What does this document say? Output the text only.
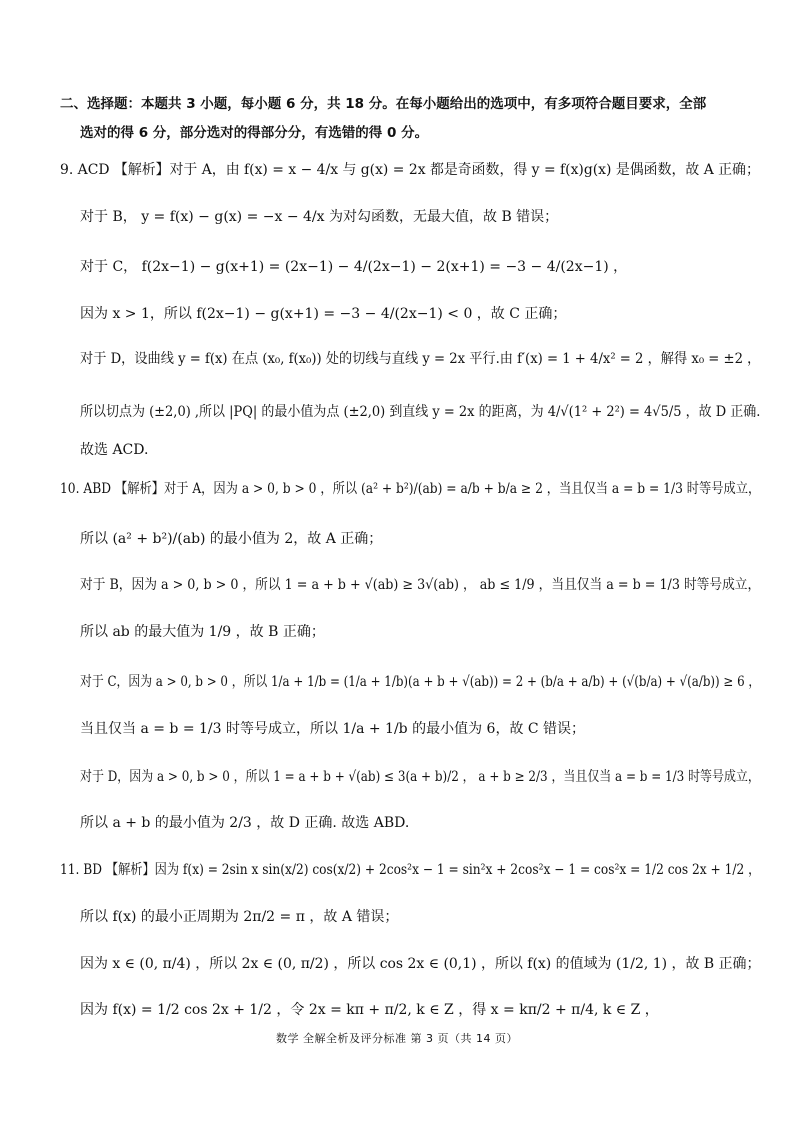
二、选择题：本题共 3 小题，每小题 6 分，共 18 分。在每小题给出的选项中，有多项符合题目要求，全部
选对的得 6 分，部分选对的得部分分，有选错的得 0 分。
9. ACD 【解析】对于 A，由 f(x) = x − 4/x 与 g(x) = 2x 都是奇函数，得 y = f(x)g(x) 是偶函数，故 A 正确；
对于 B， y = f(x) − g(x) = −x − 4/x 为对勾函数，无最大值，故 B 错误；
对于 C， f(2x−1) − g(x+1) = (2x−1) − 4/(2x−1) − 2(x+1) = −3 − 4/(2x−1) ，
因为 x > 1，所以 f(2x−1) − g(x+1) = −3 − 4/(2x−1) < 0 ，故 C 正确；
对于 D，设曲线 y = f(x) 在点 (x₀, f(x₀)) 处的切线与直线 y = 2x 平行.由 f′(x) = 1 + 4/x² = 2 ，解得 x₀ = ±2 ，
所以切点为 (±2,0) ,所以 |PQ| 的最小值为点 (±2,0) 到直线 y = 2x 的距离，为 4/√(1² + 2²) = 4√5/5 ，故 D 正确.
故选 ACD.
10. ABD 【解析】对于 A，因为 a > 0, b > 0 ，所以 (a² + b²)/(ab) = a/b + b/a ≥ 2 ，当且仅当 a = b = 1/3 时等号成立，
所以 (a² + b²)/(ab) 的最小值为 2，故 A 正确；
对于 B，因为 a > 0, b > 0 ，所以 1 = a + b + √(ab) ≥ 3√(ab) ， ab ≤ 1/9 ，当且仅当 a = b = 1/3 时等号成立，
所以 ab 的最大值为 1/9 ，故 B 正确；
对于 C，因为 a > 0, b > 0 ，所以 1/a + 1/b = (1/a + 1/b)(a + b + √(ab)) = 2 + (b/a + a/b) + (√(b/a) + √(a/b)) ≥ 6 ，
当且仅当 a = b = 1/3 时等号成立，所以 1/a + 1/b 的最小值为 6，故 C 错误；
对于 D，因为 a > 0, b > 0 ，所以 1 = a + b + √(ab) ≤ 3(a + b)/2 ， a + b ≥ 2/3 ，当且仅当 a = b = 1/3 时等号成立，
所以 a + b 的最小值为 2/3 ，故 D 正确. 故选 ABD.
11. BD 【解析】因为 f(x) = 2sin x sin(x/2) cos(x/2) + 2cos²x − 1 = sin²x + 2cos²x − 1 = cos²x = 1/2 cos 2x + 1/2 ，
所以 f(x) 的最小正周期为 2π/2 = π ，故 A 错误；
因为 x ∈ (0, π/4) ，所以 2x ∈ (0, π/2) ，所以 cos 2x ∈ (0,1) ，所以 f(x) 的值域为 (1/2, 1) ，故 B 正确；
因为 f(x) = 1/2 cos 2x + 1/2 ，令 2x = kπ + π/2, k ∈ Z ，得 x = kπ/2 + π/4, k ∈ Z ，
数学 全解全析及评分标准 第 3 页（共 14 页）
